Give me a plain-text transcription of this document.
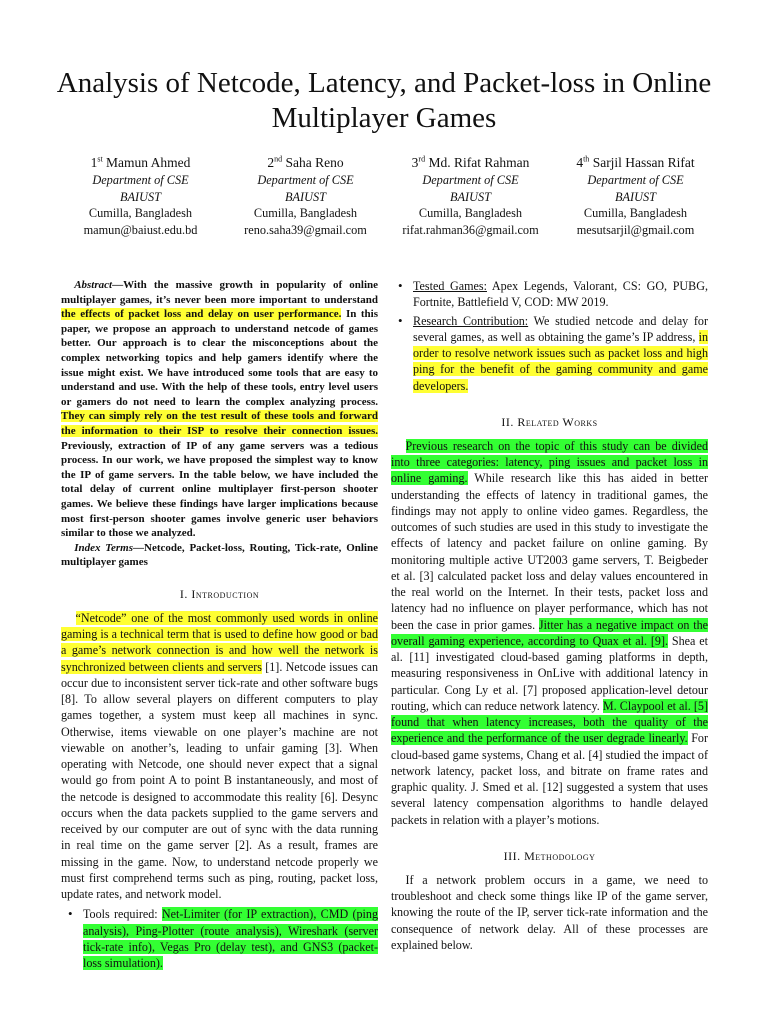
Analysis of Netcode, Latency, and Packet-loss in Online Multiplayer Games
1st Mamun Ahmed
Department of CSE
BAIUST
Cumilla, Bangladesh
mamun@baiust.edu.bd
2nd Saha Reno
Department of CSE
BAIUST
Cumilla, Bangladesh
reno.saha39@gmail.com
3rd Md. Rifat Rahman
Department of CSE
BAIUST
Cumilla, Bangladesh
rifat.rahman36@gmail.com
4th Sarjil Hassan Rifat
Department of CSE
BAIUST
Cumilla, Bangladesh
mesutsarjil@gmail.com

Abstract—With the massive growth in popularity of online multiplayer games, it’s never been more important to understand the effects of packet loss and delay on user performance. In this paper, we propose an approach to understand netcode of games better. Our approach is to clear the misconceptions about the complex networking topics and help gamers identify where the issue might exist. We have introduced some tools that are easy to understand and use. With the help of these tools, entry level users or gamers do not need to learn the complex analyzing process. They can simply rely on the test result of these tools and forward the information to their ISP to resolve their connection issues. Previously, extraction of IP of any game servers was a tedious process. In our work, we have proposed the simplest way to know the IP of game servers. In the table below, we have included the total delay of current online multiplayer first-person shooter games. We believe these findings have larger implications because most first-person shooter games involve generic user behaviors similar to those we analyzed.

Index Terms—Netcode, Packet-loss, Routing, Tick-rate, Online multiplayer games

I. Introduction

“Netcode” one of the most commonly used words in online gaming is a technical term that is used to define how good or bad a game’s network connection is and how well the network is synchronized between clients and servers [1]. Netcode issues can occur due to inconsistent server tick-rate and other software bugs [8]. To allow several players on different computers to play games together, a system must keep all machines in sync. Otherwise, items viewable on one player’s machine are not viewable on another’s, leading to unfair gaming [3]. When operating with Netcode, one should never expect that a signal would go from point A to point B instantaneously, and most of the netcode is designed to accommodate this reality [6]. Desync occurs when the data packets supplied to the game servers and received by our computer are out of sync with the data running in real time on the game server [2]. As a result, frames are missing in the game. Now, to understand netcode properly we must first comprehend terms such as ping, routing, packet loss, update rates, and network model.

• Tools required: Net-Limiter (for IP extraction), CMD (ping analysis), Ping-Plotter (route analysis), Wireshark (server tick-rate info), Vegas Pro (delay test), and GNS3 (packet-loss simulation).
• Tested Games: Apex Legends, Valorant, CS: GO, PUBG, Fortnite, Battlefield V, COD: MW 2019.
• Research Contribution: We studied netcode and delay for several games, as well as obtaining the game’s IP address, in order to resolve network issues such as packet loss and high ping for the benefit of the gaming community and game developers.
II. Related Works

Previous research on the topic of this study can be divided into three categories: latency, ping issues and packet loss in online gaming. While research like this has aided in better understanding the effects of latency in traditional games, the findings may not apply to online video games. Regardless, the outcomes of such studies are used in this study to investigate the effects of latency and packet failure on online gaming. By monitoring multiple active UT2003 game servers, T. Beigbeder et al. [3] calculated packet loss and delay values encountered in the real world on the Internet. In their tests, packet loss and latency had no influence on player performance, which has not been the case in prior games. Jitter has a negative impact on the overall gaming experience, according to Quax et al. [9]. Shea et al. [11] investigated cloud-based gaming platforms in depth, measuring responsiveness in OnLive with additional latency in particular. Cong Ly et al. [7] proposed application-level detour routing, which can reduce network latency. M. Claypool et al. [5] found that when latency increases, both the quality of the experience and the performance of the user degrade linearly. For cloud-based game systems, Chang et al. [4] studied the impact of network latency, packet loss, and bitrate on frame rates and graphic quality. J. Smed et al. [12] suggested a system that uses several latency compensation algorithms to handle delayed packets in relation with a player’s motions.

III. Methodology

If a network problem occurs in a game, we need to troubleshoot and check some things like IP of the game server, knowing the route of the IP, server tick-rate information and the consequence of network delay. All of these processes are explained below.
